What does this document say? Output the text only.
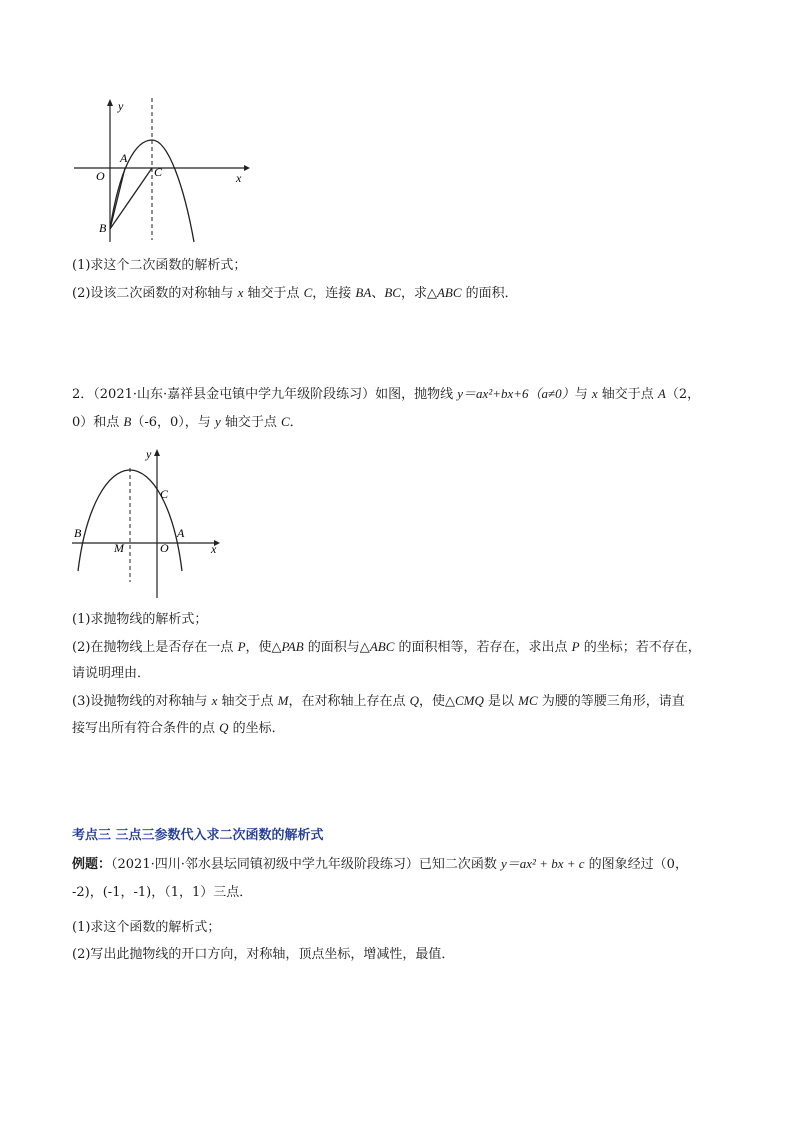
y
x
O
A
C
B
(1)求这个二次函数的解析式；
(2)设该二次函数的对称轴与 x 轴交于点 C，连接 BA、BC，求△ABC 的面积．
2．（2021·山东·嘉祥县金屯镇中学九年级阶段练习）如图，抛物线 y＝ax²+bx+6（a≠0）与 x 轴交于点 A（2，
0）和点 B（-6，0），与 y 轴交于点 C．
y
x
C
B	A
M	O
(1)求抛物线的解析式；
(2)在抛物线上是否存在一点 P，使△PAB 的面积与△ABC 的面积相等，若存在，求出点 P 的坐标；若不存在，
请说明理由．
(3)设抛物线的对称轴与 x 轴交于点 M，在对称轴上存在点 Q，使△CMQ 是以 MC 为腰的等腰三角形，请直
接写出所有符合条件的点 Q 的坐标．
考点三 三点三参数代入求二次函数的解析式
例题：（2021·四川·邻水县坛同镇初级中学九年级阶段练习）已知二次函数 y＝ax² + bx + c 的图象经过（0，
-2)，(-1，-1)，（1，1）三点．
(1)求这个函数的解析式；
(2)写出此抛物线的开口方向，对称轴，顶点坐标，增减性，最值．
